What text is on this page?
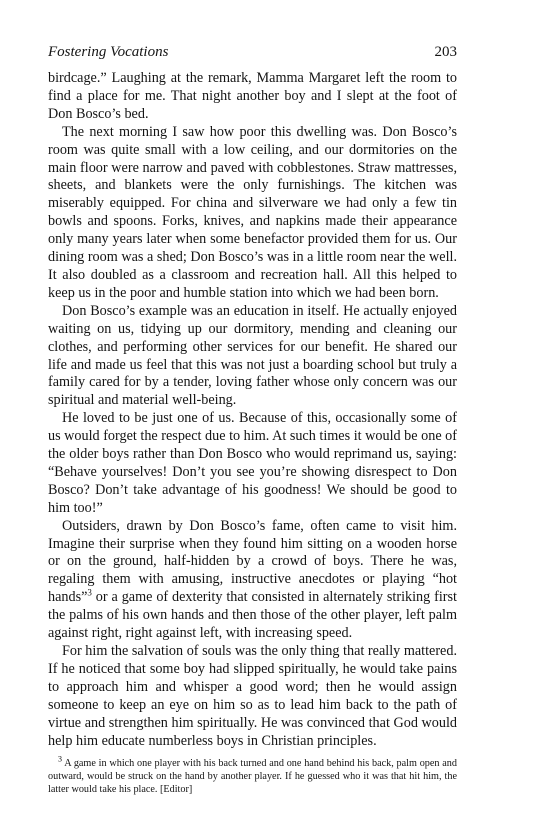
Fostering Vocations	203

birdcage.” Laughing at the remark, Mamma Margaret left the room to find a place for me. That night another boy and I slept at the foot of Don Bosco’s bed.

The next morning I saw how poor this dwelling was. Don Bosco’s room was quite small with a low ceiling, and our dormitories on the main floor were narrow and paved with cobblestones. Straw mattresses, sheets, and blankets were the only furnishings. The kitchen was miserably equipped. For china and silverware we had only a few tin bowls and spoons. Forks, knives, and napkins made their appearance only many years later when some benefactor provided them for us. Our dining room was a shed; Don Bosco’s was in a little room near the well. It also doubled as a classroom and recreation hall. All this helped to keep us in the poor and humble station into which we had been born.

Don Bosco’s example was an education in itself. He actually enjoyed waiting on us, tidying up our dormitory, mending and cleaning our clothes, and performing other services for our benefit. He shared our life and made us feel that this was not just a boarding school but truly a family cared for by a tender, loving father whose only concern was our spiritual and material well-being.

He loved to be just one of us. Because of this, occasionally some of us would forget the respect due to him. At such times it would be one of the older boys rather than Don Bosco who would reprimand us, saying: “Behave yourselves! Don’t you see you’re showing disrespect to Don Bosco? Don’t take advantage of his goodness! We should be good to him too!”

Outsiders, drawn by Don Bosco’s fame, often came to visit him. Imagine their surprise when they found him sitting on a wooden horse or on the ground, half-hidden by a crowd of boys. There he was, regaling them with amusing, instructive anecdotes or playing “hot hands”$^3$ or a game of dexterity that consisted in alternately striking first the palms of his own hands and then those of the other player, left palm against right, right against left, with increasing speed.

For him the salvation of souls was the only thing that really mattered. If he noticed that some boy had slipped spiritually, he would take pains to approach him and whisper a good word; then he would assign someone to keep an eye on him so as to lead him back to the path of virtue and strengthen him spiritually. He was convinced that God would help him educate numberless boys in Christian principles.

$^3$ A game in which one player with his back turned and one hand behind his back, palm open and outward, would be struck on the hand by another player. If he guessed who it was that hit him, the latter would take his place. [Editor]
